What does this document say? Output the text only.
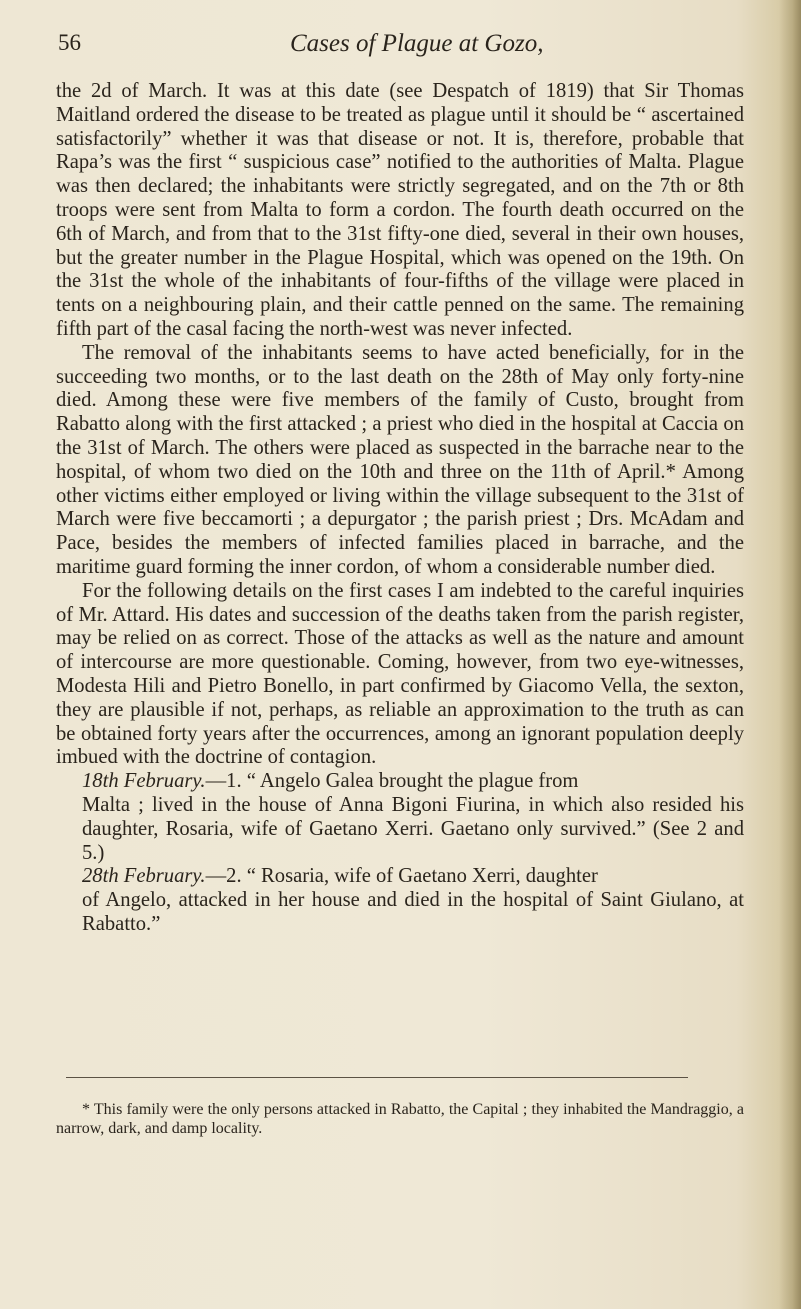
56	Cases of Plague at Gozo,

the 2d of March. It was at this date (see Despatch of 1819) that Sir Thomas Maitland ordered the disease to be treated as plague until it should be “ ascertained satisfactorily” whether it was that disease or not. It is, therefore, probable that Rapa’s was the first “ suspicious case” notified to the authorities of Malta. Plague was then declared; the inhabitants were strictly segregated, and on the 7th or 8th troops were sent from Malta to form a cordon. The fourth death occurred on the 6th of March, and from that to the 31st fifty-one died, several in their own houses, but the greater number in the Plague Hospital, which was opened on the 19th. On the 31st the whole of the inhabitants of four-fifths of the village were placed in tents on a neighbouring plain, and their cattle penned on the same. The remaining fifth part of the casal facing the north-west was never infected.

The removal of the inhabitants seems to have acted beneficially, for in the succeeding two months, or to the last death on the 28th of May only forty-nine died. Among these were five members of the family of Custo, brought from Rabatto along with the first attacked ; a priest who died in the hospital at Caccia on the 31st of March. The others were placed as suspected in the barrache near to the hospital, of whom two died on the 10th and three on the 11th of April.* Among other victims either employed or living within the village subsequent to the 31st of March were five beccamorti ; a depurgator ; the parish priest ; Drs. McAdam and Pace, besides the members of infected families placed in barrache, and the maritime guard forming the inner cordon, of whom a considerable number died.

For the following details on the first cases I am indebted to the careful inquiries of Mr. Attard. His dates and succession of the deaths taken from the parish register, may be relied on as correct. Those of the attacks as well as the nature and amount of intercourse are more questionable. Coming, however, from two eye-witnesses, Modesta Hili and Pietro Bonello, in part confirmed by Giacomo Vella, the sexton, they are plausible if not, perhaps, as reliable an approximation to the truth as can be obtained forty years after the occurrences, among an ignorant population deeply imbued with the doctrine of contagion.

18th February.—1. “ Angelo Galea brought the plague from

Malta ; lived in the house of Anna Bigoni Fiurina, in which also resided his daughter, Rosaria, wife of Gaetano Xerri. Gaetano only survived.” (See 2 and 5.)

28th February.—2. “ Rosaria, wife of Gaetano Xerri, daughter

of Angelo, attacked in her house and died in the hospital of Saint Giulano, at Rabatto.”

* This family were the only persons attacked in Rabatto, the Capital ; they inhabited the Mandraggio, a narrow, dark, and damp locality.
